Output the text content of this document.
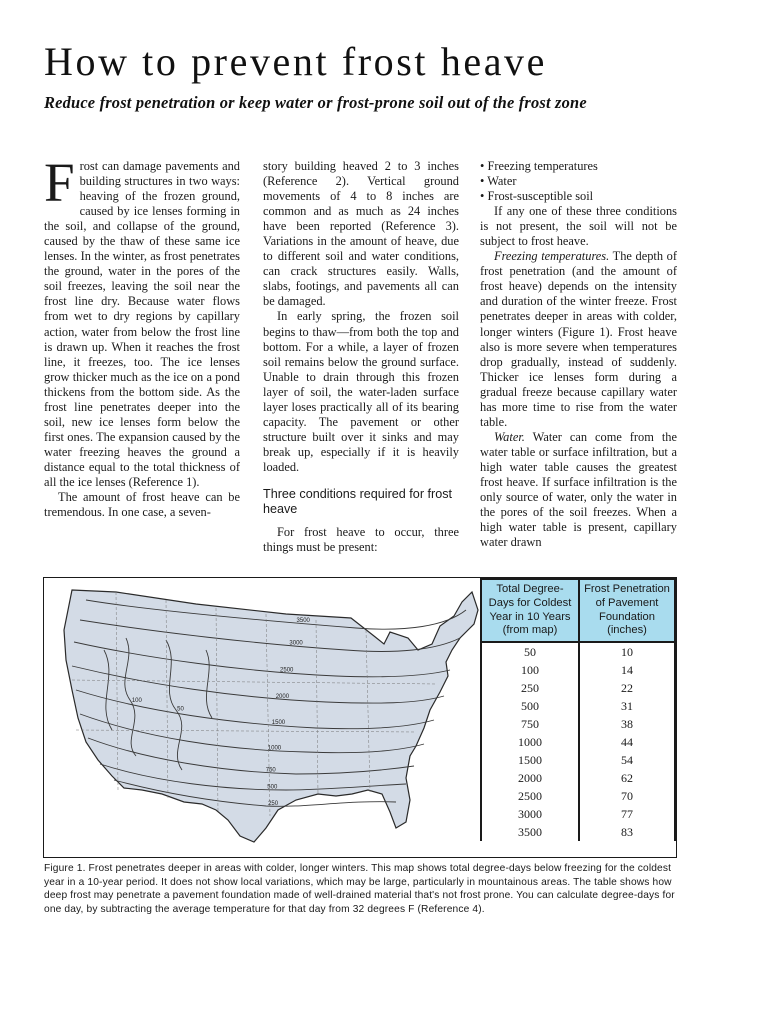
How to prevent frost heave
Reduce frost penetration or keep water or frost-prone soil out of the frost zone

Frost can damage pavements and building structures in two ways: heaving of the frozen ground, caused by ice lenses forming in the soil, and collapse of the ground, caused by the thaw of these same ice lenses. In the winter, as frost penetrates the ground, water in the pores of the soil freezes, leaving the soil near the frost line dry. Because water flows from wet to dry regions by capillary action, water from below the frost line is drawn up. When it reaches the frost line, it freezes, too. The ice lenses grow thicker much as the ice on a pond thickens from the bottom side. As the frost line penetrates deeper into the soil, new ice lenses form below the first ones. The expansion caused by the water freezing heaves the ground a distance equal to the total thickness of all the ice lenses (Reference 1).

The amount of frost heave can be tremendous. In one case, a seven-

story building heaved 2 to 3 inches (Reference 2). Vertical ground movements of 4 to 8 inches are common and as much as 24 inches have been reported (Reference 3). Variations in the amount of heave, due to different soil and water conditions, can crack structures easily. Walls, slabs, footings, and pavements all can be damaged.

In early spring, the frozen soil begins to thaw—from both the top and bottom. For a while, a layer of frozen soil remains below the ground surface. Unable to drain through this frozen layer of soil, the water-laden surface layer loses practically all of its bearing capacity. The pavement or other structure built over it sinks and may break up, especially if it is heavily loaded.

Three conditions required for frost heave

For frost heave to occur, three things must be present:

• Freezing temperatures
• Water
• Frost-susceptible soil

If any one of these three conditions is not present, the soil will not be subject to frost heave.

Freezing temperatures. The depth of frost penetration (and the amount of frost heave) depends on the intensity and duration of the winter freeze. Frost penetrates deeper in areas with colder, longer winters (Figure 1). Frost heave also is more severe when temperatures drop gradually, instead of suddenly. Thicker ice lenses form during a gradual freeze because capillary water has more time to rise from the water table.

Water. Water can come from the water table or surface infiltration, but a high water table causes the greatest frost heave. If surface infiltration is the only source of water, only the water in the pores of the soil freezes. When a high water table is present, capillary water drawn

3500
3000
2500
2000
1500
1000
750
500
250
100
50
Total Degree-Days for Coldest Year in 10 Years (from map)	Frost Penetration of Pavement Foundation (inches)
50	10
100	14
250	22
500	31
750	38
1000	44
1500	54
2000	62
2500	70
3000	77
3500	83

Figure 1. Frost penetrates deeper in areas with colder, longer winters. This map shows total degree-days below freezing for the coldest year in a 10-year period. It does not show local variations, which may be large, particularly in mountainous areas. The table shows how deep frost may penetrate a pavement foundation made of well-drained material that's not frost prone. You can calculate degree-days for one day, by subtracting the average temperature for that day from 32 degrees F (Reference 4).
